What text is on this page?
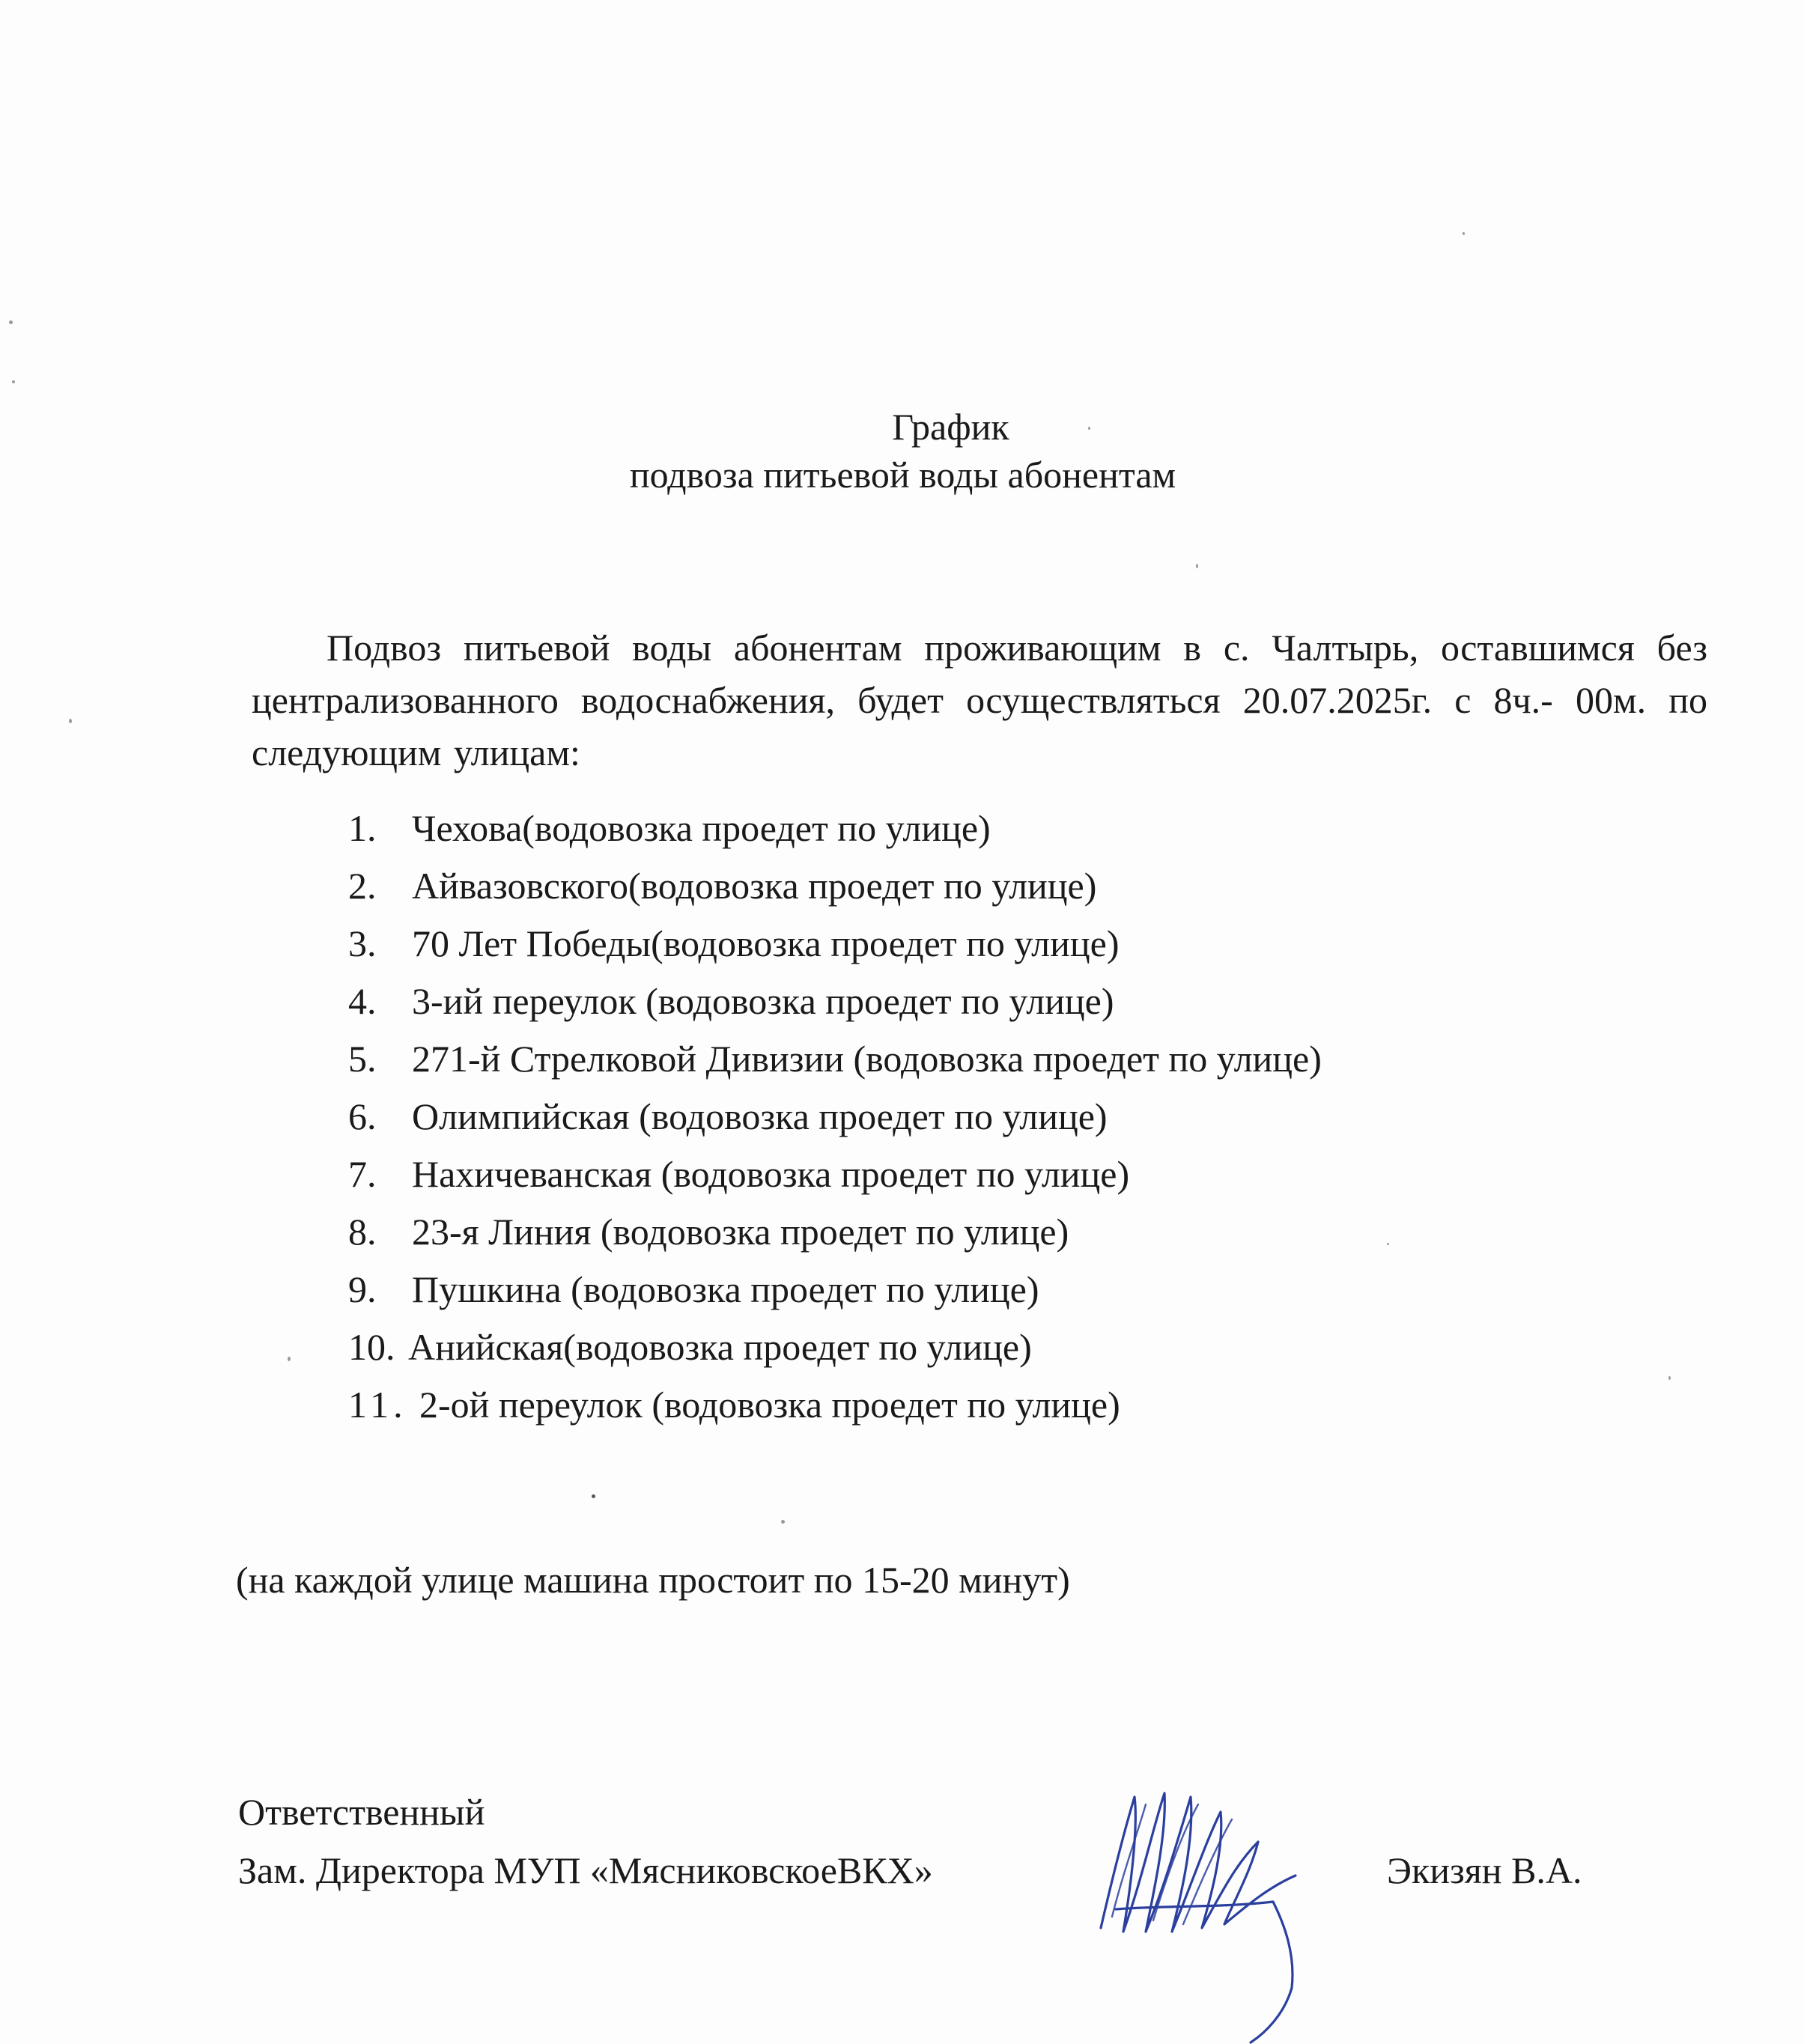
График
подвоза питьевой воды абонентам

Подвоз питьевой воды абонентам проживающим в с. Чалтырь, оставшимся без централизованного водоснабжения, будет осуществляться 20.07.2025г. с 8ч.- 00м. по следующим улицам:

1. Чехова(водовозка проедет по улице)
2. Айвазовского(водовозка проедет по улице)
3. 70 Лет Победы(водовозка проедет по улице)
4. 3-ий переулок (водовозка проедет по улице)
5. 271-й Стрелковой Дивизии (водовозка проедет по улице)
6. Олимпийская (водовозка проедет по улице)
7. Нахичеванская (водовозка проедет по улице)
8. 23-я Линия (водовозка проедет по улице)
9. Пушкина (водовозка проедет по улице)
10. Анийская(водовозка проедет по улице)
11. 2-ой переулок (водовозка проедет по улице)

(на каждой улице машина простоит по 15-20 минут)

Ответственный

Зам. Директора МУП «МясниковскоеВКХ»	Экизян В.А.
